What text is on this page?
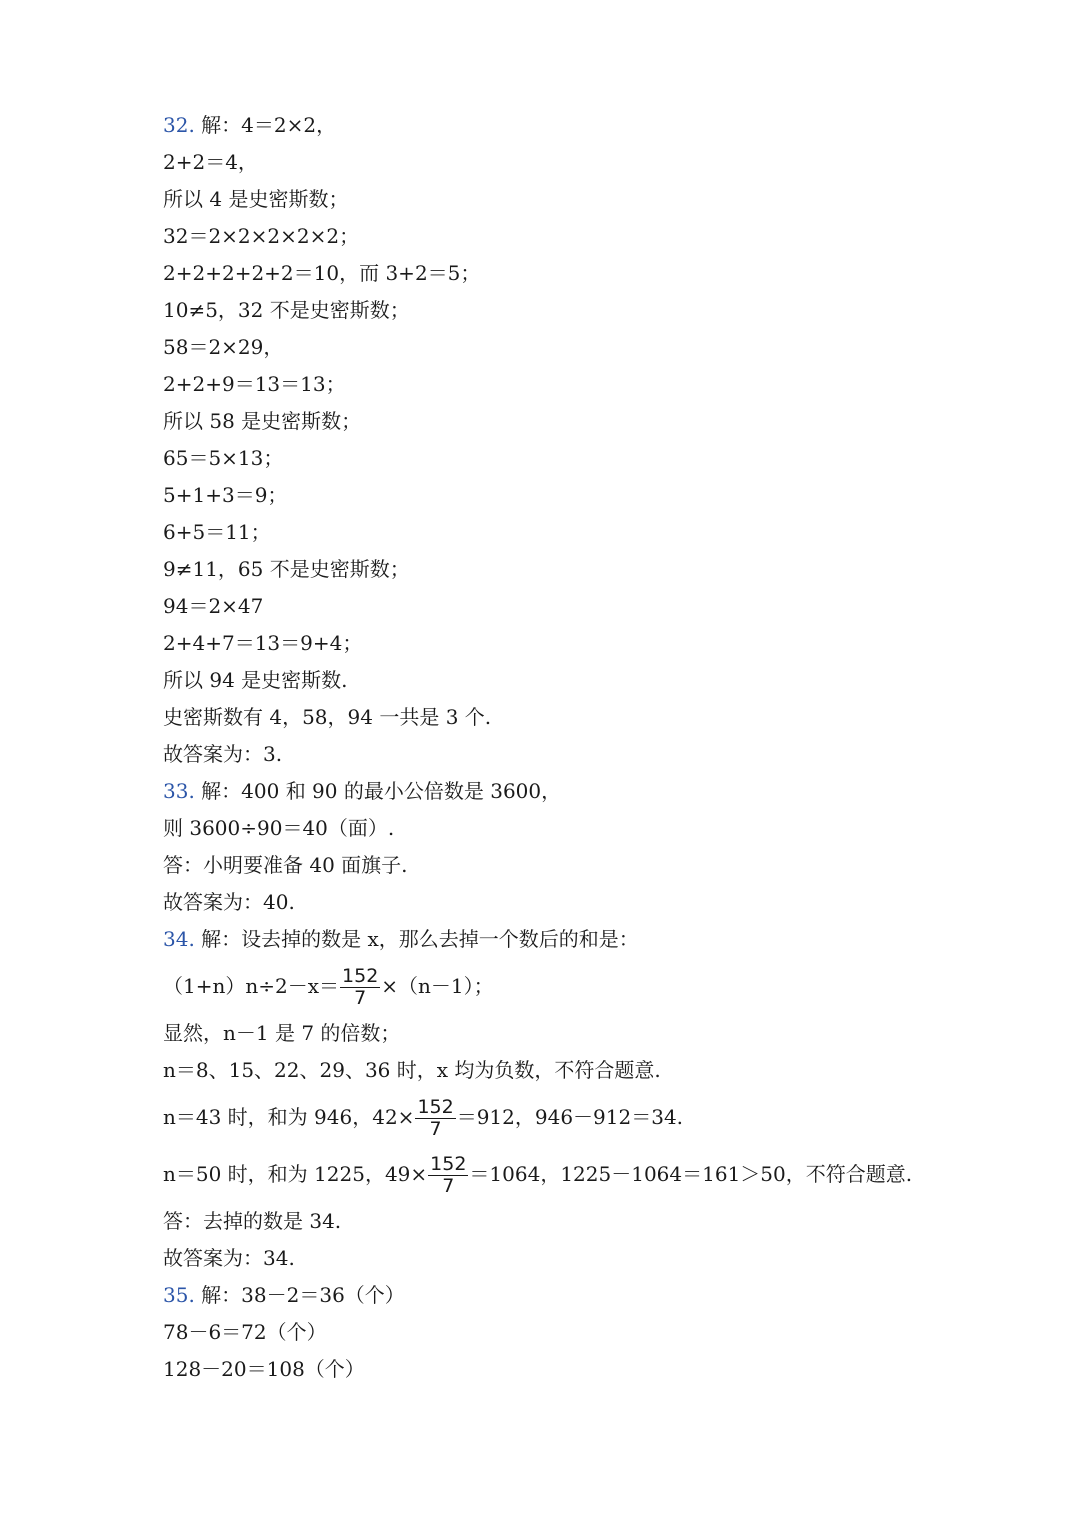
32. 解：4＝2×2，
2+2＝4，
所以 4 是史密斯数；
32＝2×2×2×2×2；
2+2+2+2+2＝10，而 3+2＝5；
10≠5，32 不是史密斯数；
58＝2×29，
2+2+9＝13＝13；
所以 58 是史密斯数；
65＝5×13；
5+1+3＝9；
6+5＝11；
9≠11，65 不是史密斯数；
94＝2×47
2+4+7＝13＝9+4；
所以 94 是史密斯数.
史密斯数有 4，58，94 一共是 3 个.
故答案为：3.
33. 解：400 和 90 的最小公倍数是 3600，
则 3600÷90＝40（面）.
答：小明要准备 40 面旗子.
故答案为：40.
34. 解：设去掉的数是 x，那么去掉一个数后的和是：
$(1+n)n\div 2-x= \frac{152}{7} \times(n-1)$；
显然，n－1 是 7 的倍数；
n＝8、15、22、29、36 时，x 均为负数，不符合题意.
n＝43 时，和为 946，$42\times \frac{152}{7} =912$，946－912＝34.
n＝50 时，和为 1225，$49\times \frac{152}{7} =1064$，1225－1064＝161＞50，不符合题意.
答：去掉的数是 34.
故答案为：34.
35. 解：38－2＝36（个）
78－6＝72（个）
128－20＝108（个）
